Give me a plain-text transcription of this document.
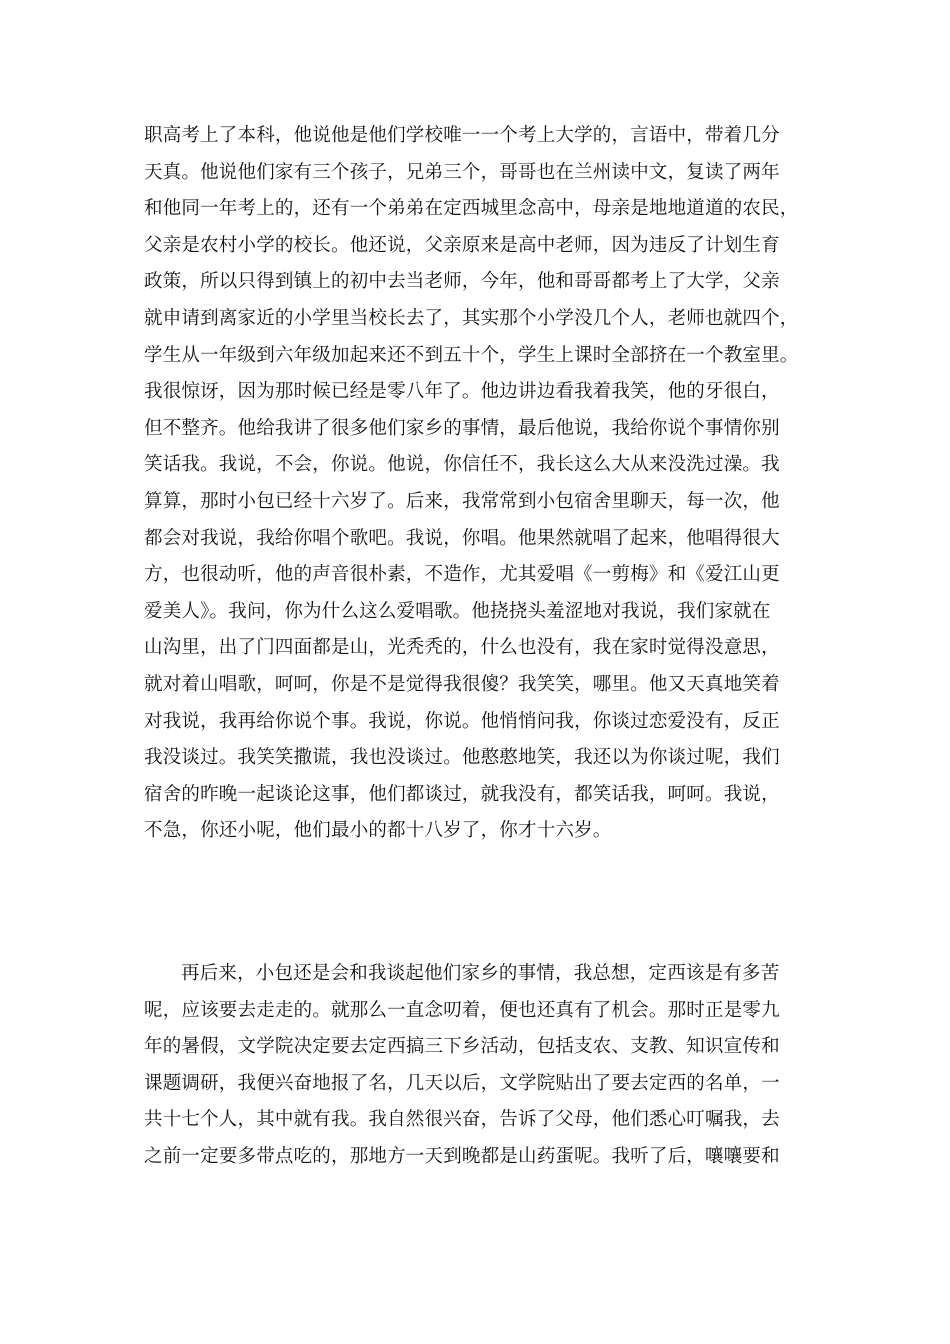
职高考上了本科，他说他是他们学校唯一一个考上大学的，言语中，带着几分
天真。他说他们家有三个孩子，兄弟三个，哥哥也在兰州读中文，复读了两年
和他同一年考上的，还有一个弟弟在定西城里念高中，母亲是地地道道的农民，
父亲是农村小学的校长。他还说，父亲原来是高中老师，因为违反了计划生育
政策，所以只得到镇上的初中去当老师，今年，他和哥哥都考上了大学，父亲
就申请到离家近的小学里当校长去了，其实那个小学没几个人，老师也就四个，
学生从一年级到六年级加起来还不到五十个，学生上课时全部挤在一个教室里。
我很惊讶，因为那时候已经是零八年了。他边讲边看我着我笑，他的牙很白，
但不整齐。他给我讲了很多他们家乡的事情，最后他说，我给你说个事情你别
笑话我。我说，不会，你说。他说，你信任不，我长这么大从来没洗过澡。我
算算，那时小包已经十六岁了。后来，我常常到小包宿舍里聊天，每一次，他
都会对我说，我给你唱个歌吧。我说，你唱。他果然就唱了起来，他唱得很大
方，也很动听，他的声音很朴素，不造作，尤其爱唱《一剪梅》和《爱江山更
爱美人》。我问，你为什么这么爱唱歌。他挠挠头羞涩地对我说，我们家就在
山沟里，出了门四面都是山，光秃秃的，什么也没有，我在家时觉得没意思，
就对着山唱歌，呵呵，你是不是觉得我很傻？我笑笑，哪里。他又天真地笑着
对我说，我再给你说个事。我说，你说。他悄悄问我，你谈过恋爱没有，反正
我没谈过。我笑笑撒谎，我也没谈过。他憨憨地笑，我还以为你谈过呢，我们
宿舍的昨晚一起谈论这事，他们都谈过，就我没有，都笑话我，呵呵。我说，
不急，你还小呢，他们最小的都十八岁了，你才十六岁。
再后来，小包还是会和我谈起他们家乡的事情，我总想，定西该是有多苦
呢，应该要去走走的。就那么一直念叨着，便也还真有了机会。那时正是零九
年的暑假，文学院决定要去定西搞三下乡活动，包括支农、支教、知识宣传和
课题调研，我便兴奋地报了名，几天以后，文学院贴出了要去定西的名单，一
共十七个人，其中就有我。我自然很兴奋，告诉了父母，他们悉心叮嘱我，去
之前一定要多带点吃的，那地方一天到晚都是山药蛋呢。我听了后，嚷嚷要和
